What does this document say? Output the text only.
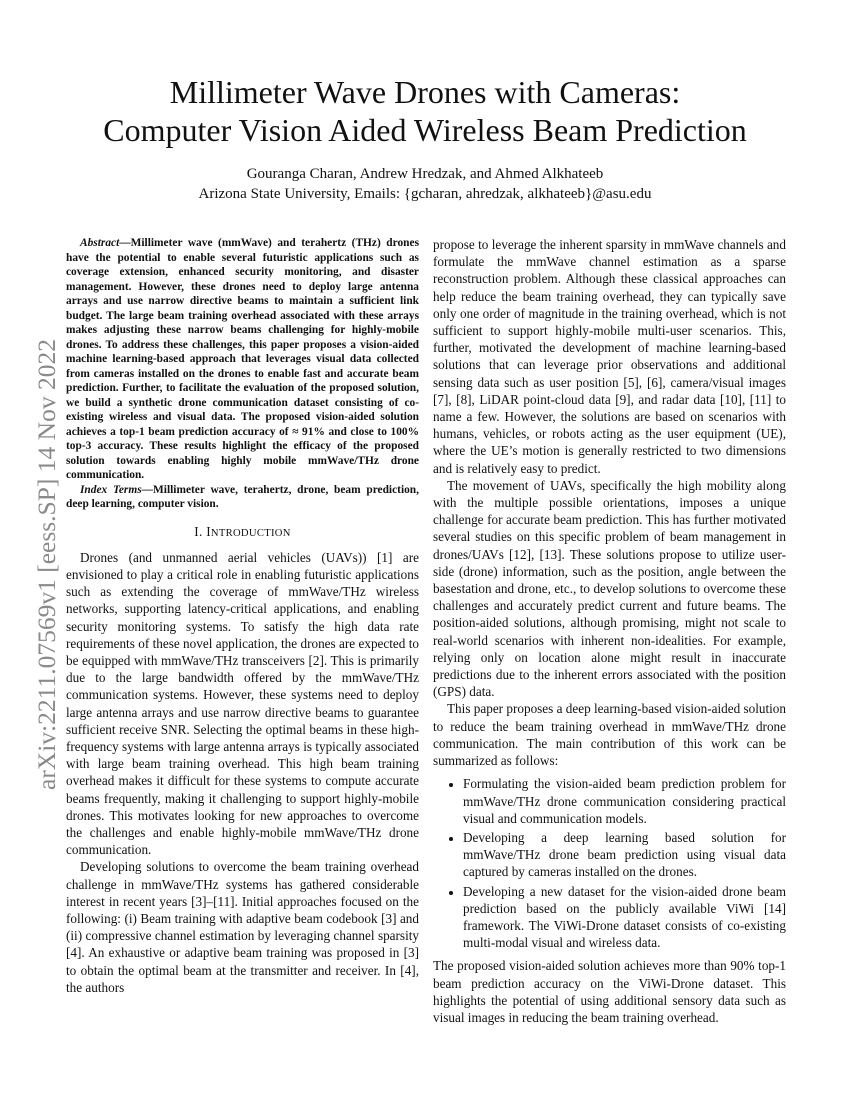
arXiv:2211.07569v1 [eess.SP] 14 Nov 2022
Millimeter Wave Drones with Cameras:
Computer Vision Aided Wireless Beam Prediction
Gouranga Charan, Andrew Hredzak, and Ahmed Alkhateeb
Arizona State University, Emails: {gcharan, ahredzak, alkhateeb}@asu.edu

Abstract—Millimeter wave (mmWave) and terahertz (THz) drones have the potential to enable several futuristic applications such as coverage extension, enhanced security monitoring, and disaster management. However, these drones need to deploy large antenna arrays and use narrow directive beams to maintain a sufficient link budget. The large beam training overhead associated with these arrays makes adjusting these narrow beams challenging for highly-mobile drones. To address these challenges, this paper proposes a vision-aided machine learning-based approach that leverages visual data collected from cameras installed on the drones to enable fast and accurate beam prediction. Further, to facilitate the evaluation of the proposed solution, we build a synthetic drone communication dataset consisting of co-existing wireless and visual data. The proposed vision-aided solution achieves a top-1 beam prediction accuracy of ≈ 91% and close to 100% top-3 accuracy. These results highlight the efficacy of the proposed solution towards enabling highly mobile mmWave/THz drone communication.

Index Terms—Millimeter wave, terahertz, drone, beam prediction, deep learning, computer vision.

I. INTRODUCTION

Drones (and unmanned aerial vehicles (UAVs)) [1] are envisioned to play a critical role in enabling futuristic applications such as extending the coverage of mmWave/THz wireless networks, supporting latency-critical applications, and enabling security monitoring systems. To satisfy the high data rate requirements of these novel application, the drones are expected to be equipped with mmWave/THz transceivers [2]. This is primarily due to the large bandwidth offered by the mmWave/THz communication systems. However, these systems need to deploy large antenna arrays and use narrow directive beams to guarantee sufficient receive SNR. Selecting the optimal beams in these high-frequency systems with large antenna arrays is typically associated with large beam training overhead. This high beam training overhead makes it difficult for these systems to compute accurate beams frequently, making it challenging to support highly-mobile drones. This motivates looking for new approaches to overcome the challenges and enable highly-mobile mmWave/THz drone communication.

Developing solutions to overcome the beam training overhead challenge in mmWave/THz systems has gathered considerable interest in recent years [3]–[11]. Initial approaches focused on the following: (i) Beam training with adaptive beam codebook [3] and (ii) compressive channel estimation by leveraging channel sparsity [4]. An exhaustive or adaptive beam training was proposed in [3] to obtain the optimal beam at the transmitter and receiver. In [4], the authors

propose to leverage the inherent sparsity in mmWave channels and formulate the mmWave channel estimation as a sparse reconstruction problem. Although these classical approaches can help reduce the beam training overhead, they can typically save only one order of magnitude in the training overhead, which is not sufficient to support highly-mobile multi-user scenarios. This, further, motivated the development of machine learning-based solutions that can leverage prior observations and additional sensing data such as user position [5], [6], camera/visual images [7], [8], LiDAR point-cloud data [9], and radar data [10], [11] to name a few. However, the solutions are based on scenarios with humans, vehicles, or robots acting as the user equipment (UE), where the UE’s motion is generally restricted to two dimensions and is relatively easy to predict.

The movement of UAVs, specifically the high mobility along with the multiple possible orientations, imposes a unique challenge for accurate beam prediction. This has further motivated several studies on this specific problem of beam management in drones/UAVs [12], [13]. These solutions propose to utilize user-side (drone) information, such as the position, angle between the basestation and drone, etc., to develop solutions to overcome these challenges and accurately predict current and future beams. The position-aided solutions, although promising, might not scale to real-world scenarios with inherent non-idealities. For example, relying only on location alone might result in inaccurate predictions due to the inherent errors associated with the position (GPS) data.

This paper proposes a deep learning-based vision-aided solution to reduce the beam training overhead in mmWave/THz drone communication. The main contribution of this work can be summarized as follows:

• Formulating the vision-aided beam prediction problem for mmWave/THz drone communication considering practical visual and communication models.
• Developing a deep learning based solution for mmWave/THz drone beam prediction using visual data captured by cameras installed on the drones.
• Developing a new dataset for the vision-aided drone beam prediction based on the publicly available ViWi [14] framework. The ViWi-Drone dataset consists of co-existing multi-modal visual and wireless data.

The proposed vision-aided solution achieves more than 90% top-1 beam prediction accuracy on the ViWi-Drone dataset. This highlights the potential of using additional sensory data such as visual images in reducing the beam training overhead.
